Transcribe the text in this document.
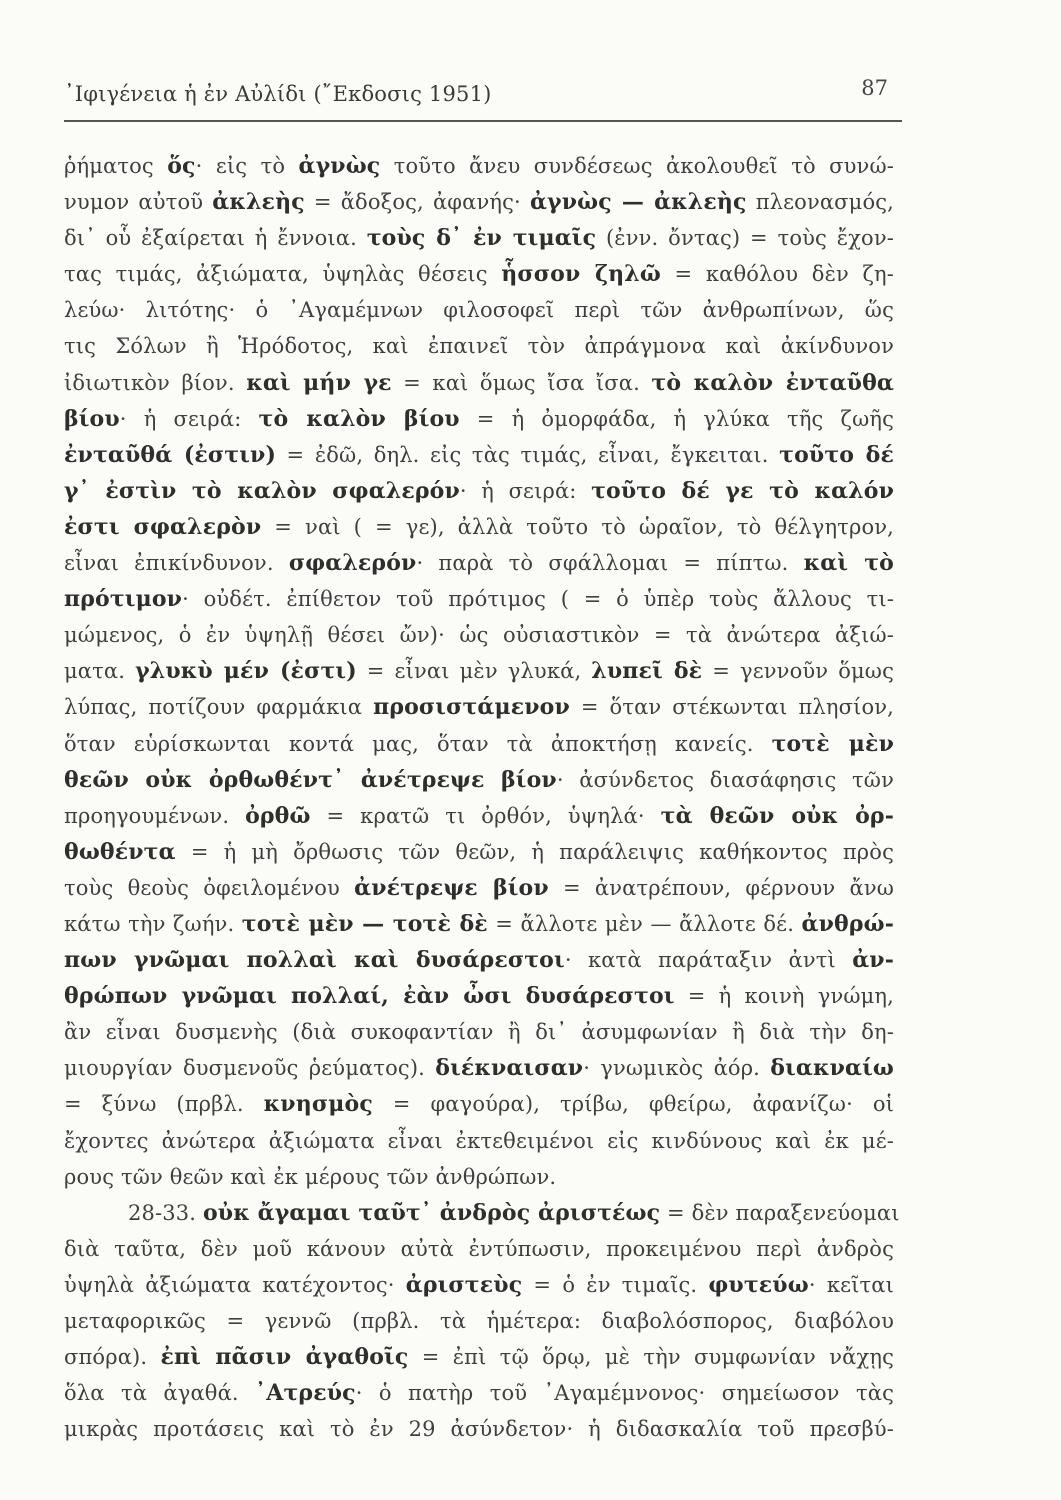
᾿Ιφιγένεια ἡ ἐν Αὐλίδι (῎Εκδοσις 1951)	87
ῥήματος ὅς· εἰς τὸ ἀγνὼς τοῦτο ἄνευ συνδέσεως ἀκολουθεῖ τὸ συνώ-
νυμον αὐτοῦ ἀκλεὴς = ἄδοξος, ἀφανής· ἀγνὼς — ἀκλεὴς πλεονασμός,
δι᾿ οὗ ἐξαίρεται ἡ ἔννοια. τοὺς δ᾿ ἐν τιμαῖς (ἐνν. ὄντας) = τοὺς ἔχον-
τας τιμάς, ἀξιώματα, ὑψηλὰς θέσεις ἧσσον ζηλῶ = καθόλου δὲν ζη-
λεύω· λιτότης· ὁ ᾿Αγαμέμνων φιλοσοφεῖ περὶ τῶν ἀνθρωπίνων, ὥς
τις Σόλων ἢ Ἡρόδοτος, καὶ ἐπαινεῖ τὸν ἀπράγμονα καὶ ἀκίνδυνον
ἰδιωτικὸν βίον. καὶ μήν γε = καὶ ὅμως ἴσα ἴσα. τὸ καλὸν ἐνταῦθα
βίου· ἡ σειρά: τὸ καλὸν βίου = ἡ ὀμορφάδα, ἡ γλύκα τῆς ζωῆς
ἐνταῦθά (ἐστιν) = ἐδῶ, δηλ. εἰς τὰς τιμάς, εἶναι, ἔγκειται. τοῦτο δέ
γ᾿ ἐστὶν τὸ καλὸν σφαλερόν· ἡ σειρά: τοῦτο δέ γε τὸ καλόν
ἐστι σφαλερὸν = ναὶ ( = γε), ἀλλὰ τοῦτο τὸ ὡραῖον, τὸ θέλγητρον,
εἶναι ἐπικίνδυνον. σφαλερόν· παρὰ τὸ σφάλλομαι = πίπτω. καὶ τὸ
πρότιμον· οὐδέτ. ἐπίθετον τοῦ πρότιμος ( = ὁ ὑπὲρ τοὺς ἄλλους τι-
μώμενος, ὁ ἐν ὑψηλῇ θέσει ὤν)· ὡς οὐσιαστικὸν = τὰ ἀνώτερα ἀξιώ-
ματα. γλυκὺ μέν (ἐστι) = εἶναι μὲν γλυκά, λυπεῖ δὲ = γεννοῦν ὅμως
λύπας, ποτίζουν φαρμάκια προσιστάμενον = ὅταν στέκωνται πλησίον,
ὅταν εὑρίσκωνται κοντά μας, ὅταν τὰ ἀποκτήσῃ κανείς. τοτὲ μὲν
θεῶν οὐκ ὀρθωθέντ᾿ ἀνέτρεψε βίον· ἀσύνδετος διασάφησις τῶν
προηγουμένων. ὀρθῶ = κρατῶ τι ὀρθόν, ὑψηλά· τὰ θεῶν οὐκ ὀρ-
θωθέντα = ἡ μὴ ὄρθωσις τῶν θεῶν, ἡ παράλειψις καθήκοντος πρὸς
τοὺς θεοὺς ὀφειλομένου ἀνέτρεψε βίον = ἀνατρέπουν, φέρνουν ἄνω
κάτω τὴν ζωήν. τοτὲ μὲν — τοτὲ δὲ = ἄλλοτε μὲν — ἄλλοτε δέ. ἀνθρώ-
πων γνῶμαι πολλαὶ καὶ δυσάρεστοι· κατὰ παράταξιν ἀντὶ ἀν-
θρώπων γνῶμαι πολλαί, ἐὰν ὦσι δυσάρεστοι = ἡ κοινὴ γνώμη,
ἂν εἶναι δυσμενὴς (διὰ συκοφαντίαν ἢ δι᾿ ἀσυμφωνίαν ἢ διὰ τὴν δη-
μιουργίαν δυσμενοῦς ῥεύματος). διέκναισαν· γνωμικὸς ἀόρ. διακναίω
= ξύνω (πρβλ. κνησμὸς = φαγούρα), τρίβω, φθείρω, ἀφανίζω· οἱ
ἔχοντες ἀνώτερα ἀξιώματα εἶναι ἐκτεθειμένοι εἰς κινδύνους καὶ ἐκ μέ-
ρους τῶν θεῶν καὶ ἐκ μέρους τῶν ἀνθρώπων.
28-33. οὐκ ἄγαμαι ταῦτ᾿ ἀνδρὸς ἀριστέως = δὲν παραξενεύομαι
διὰ ταῦτα, δὲν μοῦ κάνουν αὐτὰ ἐντύπωσιν, προκειμένου περὶ ἀνδρὸς
ὑψηλὰ ἀξιώματα κατέχοντος· ἀριστεὺς = ὁ ἐν τιμαῖς. φυτεύω· κεῖται
μεταφορικῶς = γεννῶ (πρβλ. τὰ ἡμέτερα: διαβολόσπορος, διαβόλου
σπόρα). ἐπὶ πᾶσιν ἀγαθοῖς = ἐπὶ τῷ ὅρῳ, μὲ τὴν συμφωνίαν νἄχῃς
ὅλα τὰ ἀγαθά. ᾿Ατρεύς· ὁ πατὴρ τοῦ ᾿Αγαμέμνονος· σημείωσον τὰς
μικρὰς προτάσεις καὶ τὸ ἐν 29 ἀσύνδετον· ἡ διδασκαλία τοῦ πρεσβύ-
